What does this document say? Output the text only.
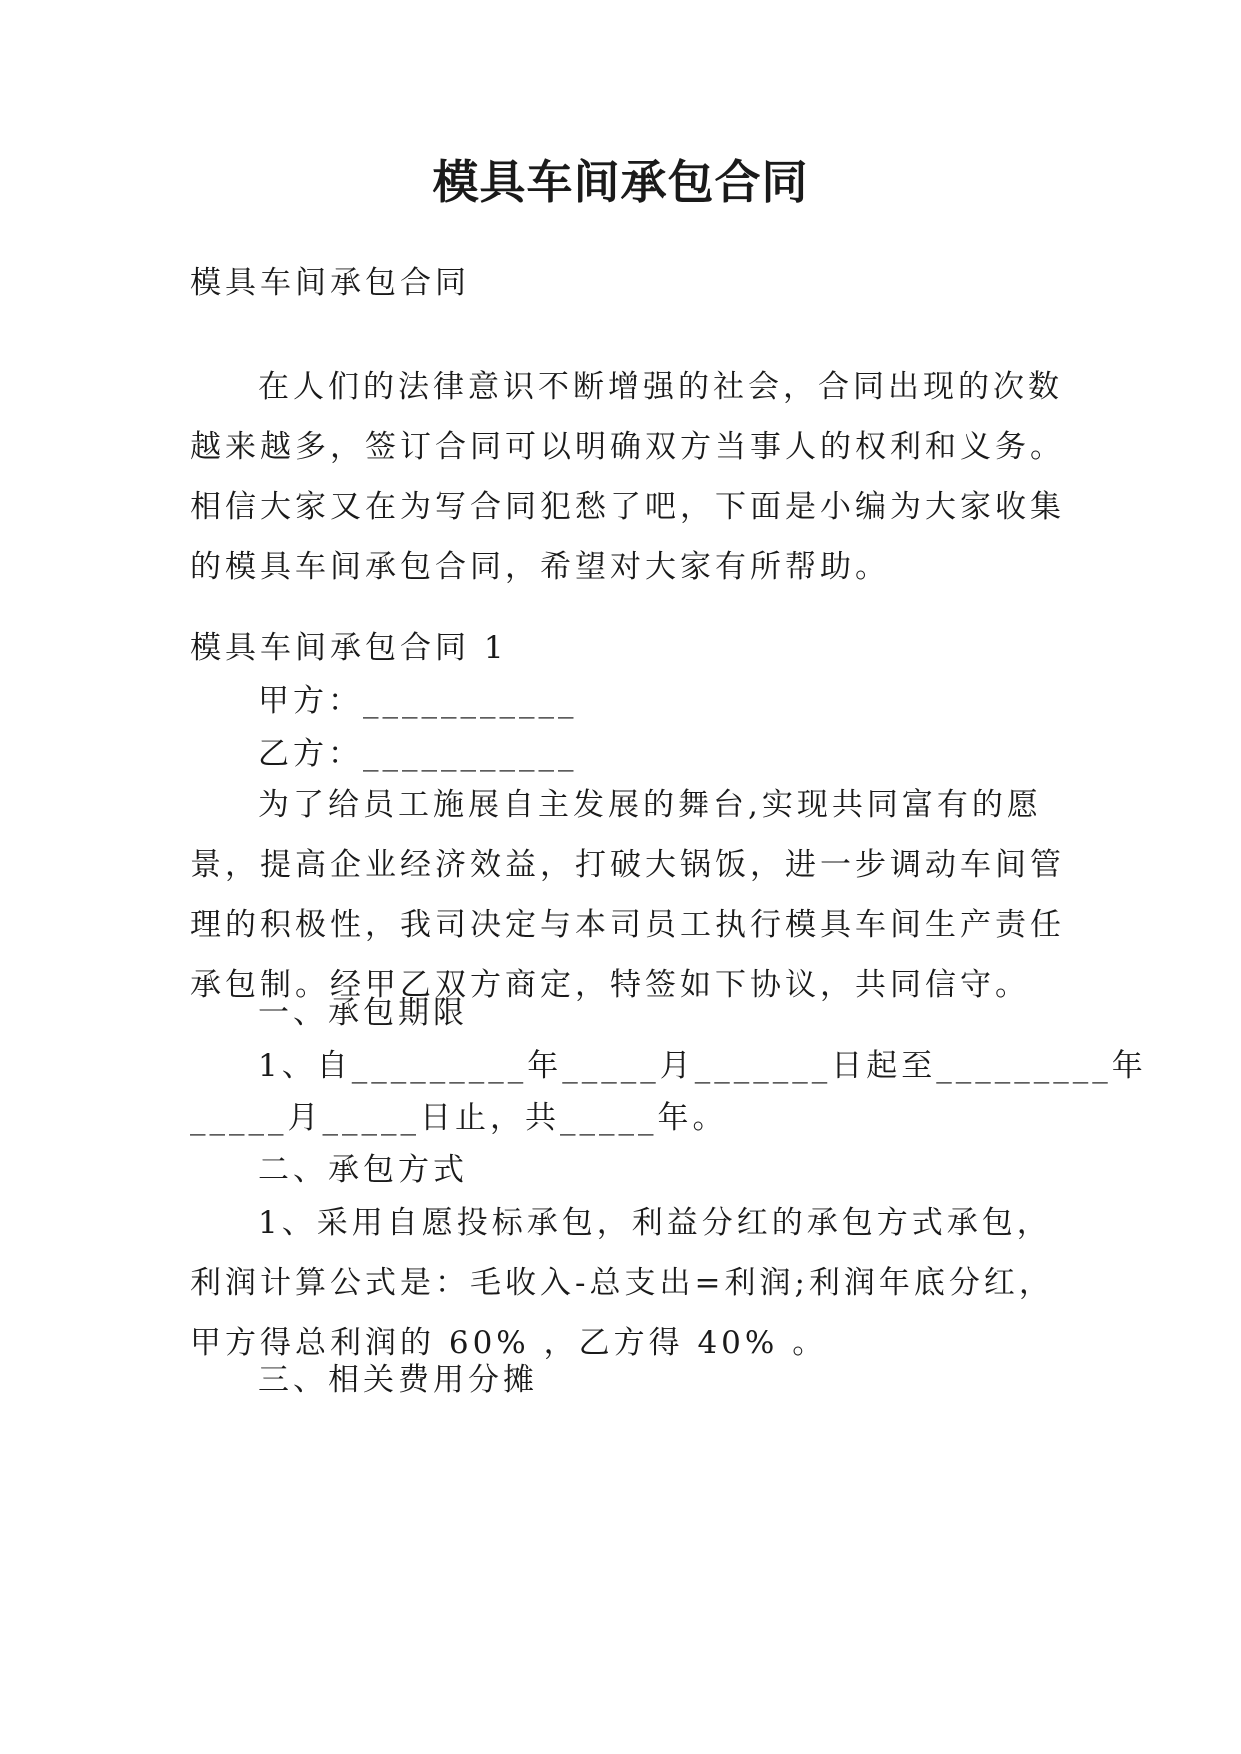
模具车间承包合同
模具车间承包合同

在人们的法律意识不断增强的社会，合同出现的次数越来越多，签订合同可以明确双方当事人的权利和义务。相信大家又在为写合同犯愁了吧，下面是小编为大家收集的模具车间承包合同，希望对大家有所帮助。

模具车间承包合同 1
甲方：___________
乙方：___________

为了给员工施展自主发展的舞台,实现共同富有的愿景，提高企业经济效益，打破大锅饭，进一步调动车间管理的积极性，我司决定与本司员工执行模具车间生产责任承包制。经甲乙双方商定，特签如下协议，共同信守。

一、承包期限
1、自_________年_____月_______日起至_________年
_____月_____日止，共_____年。
二、承包方式

1、采用自愿投标承包，利益分红的承包方式承包，利润计算公式是：毛收入-总支出=利润;利润年底分红，甲方得总利润的 60% ，乙方得 40% 。

三、相关费用分摊
